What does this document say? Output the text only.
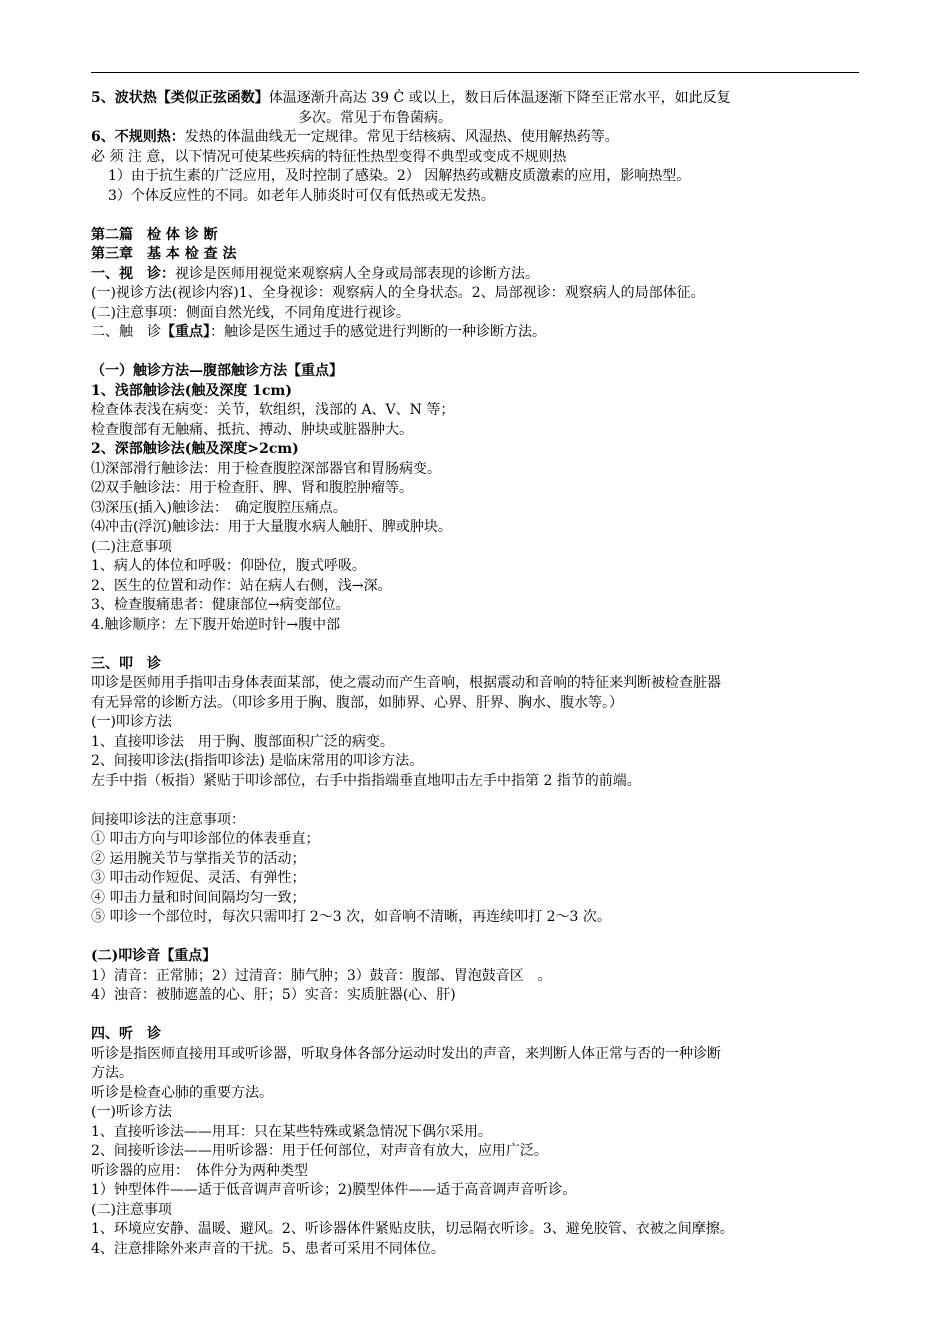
5、波状热【类似正弦函数】体温逐渐升高达 39 Ċ 或以上，数日后体温逐渐下降至正常水平，如此反复
多次。常见于布鲁菌病。
6、不规则热：发热的体温曲线无一定规律。常见于结核病、风湿热、使用解热药等。
必 须 注 意，以下情况可使某些疾病的特征性热型变得不典型或变成不规则热
1）由于抗生素的广泛应用，及时控制了感染。2） 因解热药或糖皮质激素的应用，影响热型。
3）个体反应性的不同。如老年人肺炎时可仅有低热或无发热。
第二篇　检 体 诊 断
第三章　基 本 检 查 法
一、视　诊：视诊是医师用视觉来观察病人全身或局部表现的诊断方法。
(一)视诊方法(视诊内容)1、全身视诊：观察病人的全身状态。2、局部视诊：观察病人的局部体征。
(二)注意事项：侧面自然光线，不同角度进行视诊。
二、触　诊【重点】：触诊是医生通过手的感觉进行判断的一种诊断方法。
（一）触诊方法—腹部触诊方法【重点】
1、浅部触诊法(触及深度 1cm)
检查体表浅在病变：关节，软组织，浅部的 A、V、N 等；
检查腹部有无触痛、抵抗、搏动、肿块或脏器肿大。
2、深部触诊法(触及深度>2cm)
⑴深部滑行触诊法：用于检查腹腔深部器官和胃肠病变。
⑵双手触诊法：用于检查肝、脾、肾和腹腔肿瘤等。
⑶深压(插入)触诊法：　确定腹腔压痛点。
⑷冲击(浮沉)触诊法：用于大量腹水病人触肝、脾或肿块。
(二)注意事项
1、病人的体位和呼吸：仰卧位，腹式呼吸。
2、医生的位置和动作：站在病人右侧，浅→深。
3、检查腹痛患者：健康部位→病变部位。
4.触诊顺序：左下腹开始逆时针→腹中部
三、叩　诊
叩诊是医师用手指叩击身体表面某部，使之震动而产生音响，根据震动和音响的特征来判断被检查脏器
有无异常的诊断方法。（叩诊多用于胸、腹部，如肺界、心界、肝界、胸水、腹水等。）
(一)叩诊方法
1、直接叩诊法　用于胸、腹部面积广泛的病变。
2、间接叩诊法(指指叩诊法) 是临床常用的叩诊方法。
左手中指（板指）紧贴于叩诊部位，右手中指指端垂直地叩击左手中指第 2 指节的前端。
间接叩诊法的注意事项：
① 叩击方向与叩诊部位的体表垂直；
② 运用腕关节与掌指关节的活动；
③ 叩击动作短促、灵活、有弹性；
④ 叩击力量和时间间隔均匀一致；
⑤ 叩诊一个部位时，每次只需叩打 2～3 次，如音响不清晰，再连续叩打 2～3 次。
(二)叩诊音【重点】
1）清音：正常肺；2）过清音：肺气肿；3）鼓音：腹部、胃泡鼓音区　。
4）浊音：被肺遮盖的心、肝；5）实音：实质脏器(心、肝)
四、听　诊
听诊是指医师直接用耳或听诊器，听取身体各部分运动时发出的声音，来判断人体正常与否的一种诊断
方法。
听诊是检查心肺的重要方法。
(一)听诊方法
1、直接听诊法——用耳：只在某些特殊或紧急情况下偶尔采用。
2、间接听诊法——用听诊器：用于任何部位，对声音有放大，应用广泛。
听诊器的应用：　体件分为两种类型
1）钟型体件——适于低音调声音听诊；2)膜型体件——适于高音调声音听诊。
(二)注意事项
1、环境应安静、温暖、避风。2、听诊器体件紧贴皮肤，切忌隔衣听诊。3、避免胶管、衣被之间摩擦。
4、注意排除外来声音的干扰。5、患者可采用不同体位。
